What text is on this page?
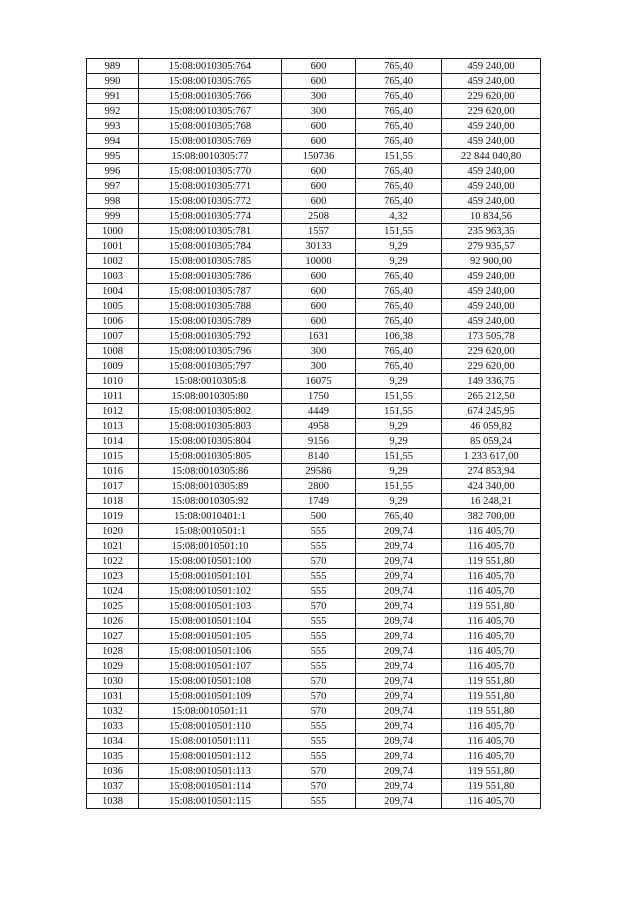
989	15:08:0010305:764	600	765,40	459 240,00
990	15:08:0010305:765	600	765,40	459 240,00
991	15:08:0010305:766	300	765,40	229 620,00
992	15:08:0010305:767	300	765,40	229 620,00
993	15:08:0010305:768	600	765,40	459 240,00
994	15:08:0010305:769	600	765,40	459 240,00
995	15:08:0010305:77	150736	151,55	22 844 040,80
996	15:08:0010305:770	600	765,40	459 240,00
997	15:08:0010305:771	600	765,40	459 240,00
998	15:08:0010305:772	600	765,40	459 240,00
999	15:08:0010305:774	2508	4,32	10 834,56
1000	15:08:0010305:781	1557	151,55	235 963,35
1001	15:08:0010305:784	30133	9,29	279 935,57
1002	15:08:0010305:785	10000	9,29	92 900,00
1003	15:08:0010305:786	600	765,40	459 240,00
1004	15:08:0010305:787	600	765,40	459 240,00
1005	15:08:0010305:788	600	765,40	459 240,00
1006	15:08:0010305:789	600	765,40	459 240,00
1007	15:08:0010305:792	1631	106,38	173 505,78
1008	15:08:0010305:796	300	765,40	229 620,00
1009	15:08:0010305:797	300	765,40	229 620,00
1010	15:08:0010305:8	16075	9,29	149 336,75
1011	15:08:0010305:80	1750	151,55	265 212,50
1012	15:08:0010305:802	4449	151,55	674 245,95
1013	15:08:0010305:803	4958	9,29	46 059,82
1014	15:08:0010305:804	9156	9,29	85 059,24
1015	15:08:0010305:805	8140	151,55	1 233 617,00
1016	15:08:0010305:86	29586	9,29	274 853,94
1017	15:08:0010305:89	2800	151,55	424 340,00
1018	15:08:0010305:92	1749	9,29	16 248,21
1019	15:08:0010401:1	500	765,40	382 700,00
1020	15:08:0010501:1	555	209,74	116 405,70
1021	15:08:0010501:10	555	209,74	116 405,70
1022	15:08:0010501:100	570	209,74	119 551,80
1023	15:08:0010501:101	555	209,74	116 405,70
1024	15:08:0010501:102	555	209,74	116 405,70
1025	15:08:0010501:103	570	209,74	119 551,80
1026	15:08:0010501:104	555	209,74	116 405,70
1027	15:08:0010501:105	555	209,74	116 405,70
1028	15:08:0010501:106	555	209,74	116 405,70
1029	15:08:0010501:107	555	209,74	116 405,70
1030	15:08:0010501:108	570	209,74	119 551,80
1031	15:08:0010501:109	570	209,74	119 551,80
1032	15:08:0010501:11	570	209,74	119 551,80
1033	15:08:0010501:110	555	209,74	116 405,70
1034	15:08:0010501:111	555	209,74	116 405,70
1035	15:08:0010501:112	555	209,74	116 405,70
1036	15:08:0010501:113	570	209,74	119 551,80
1037	15:08:0010501:114	570	209,74	119 551,80
1038	15:08:0010501:115	555	209,74	116 405,70
